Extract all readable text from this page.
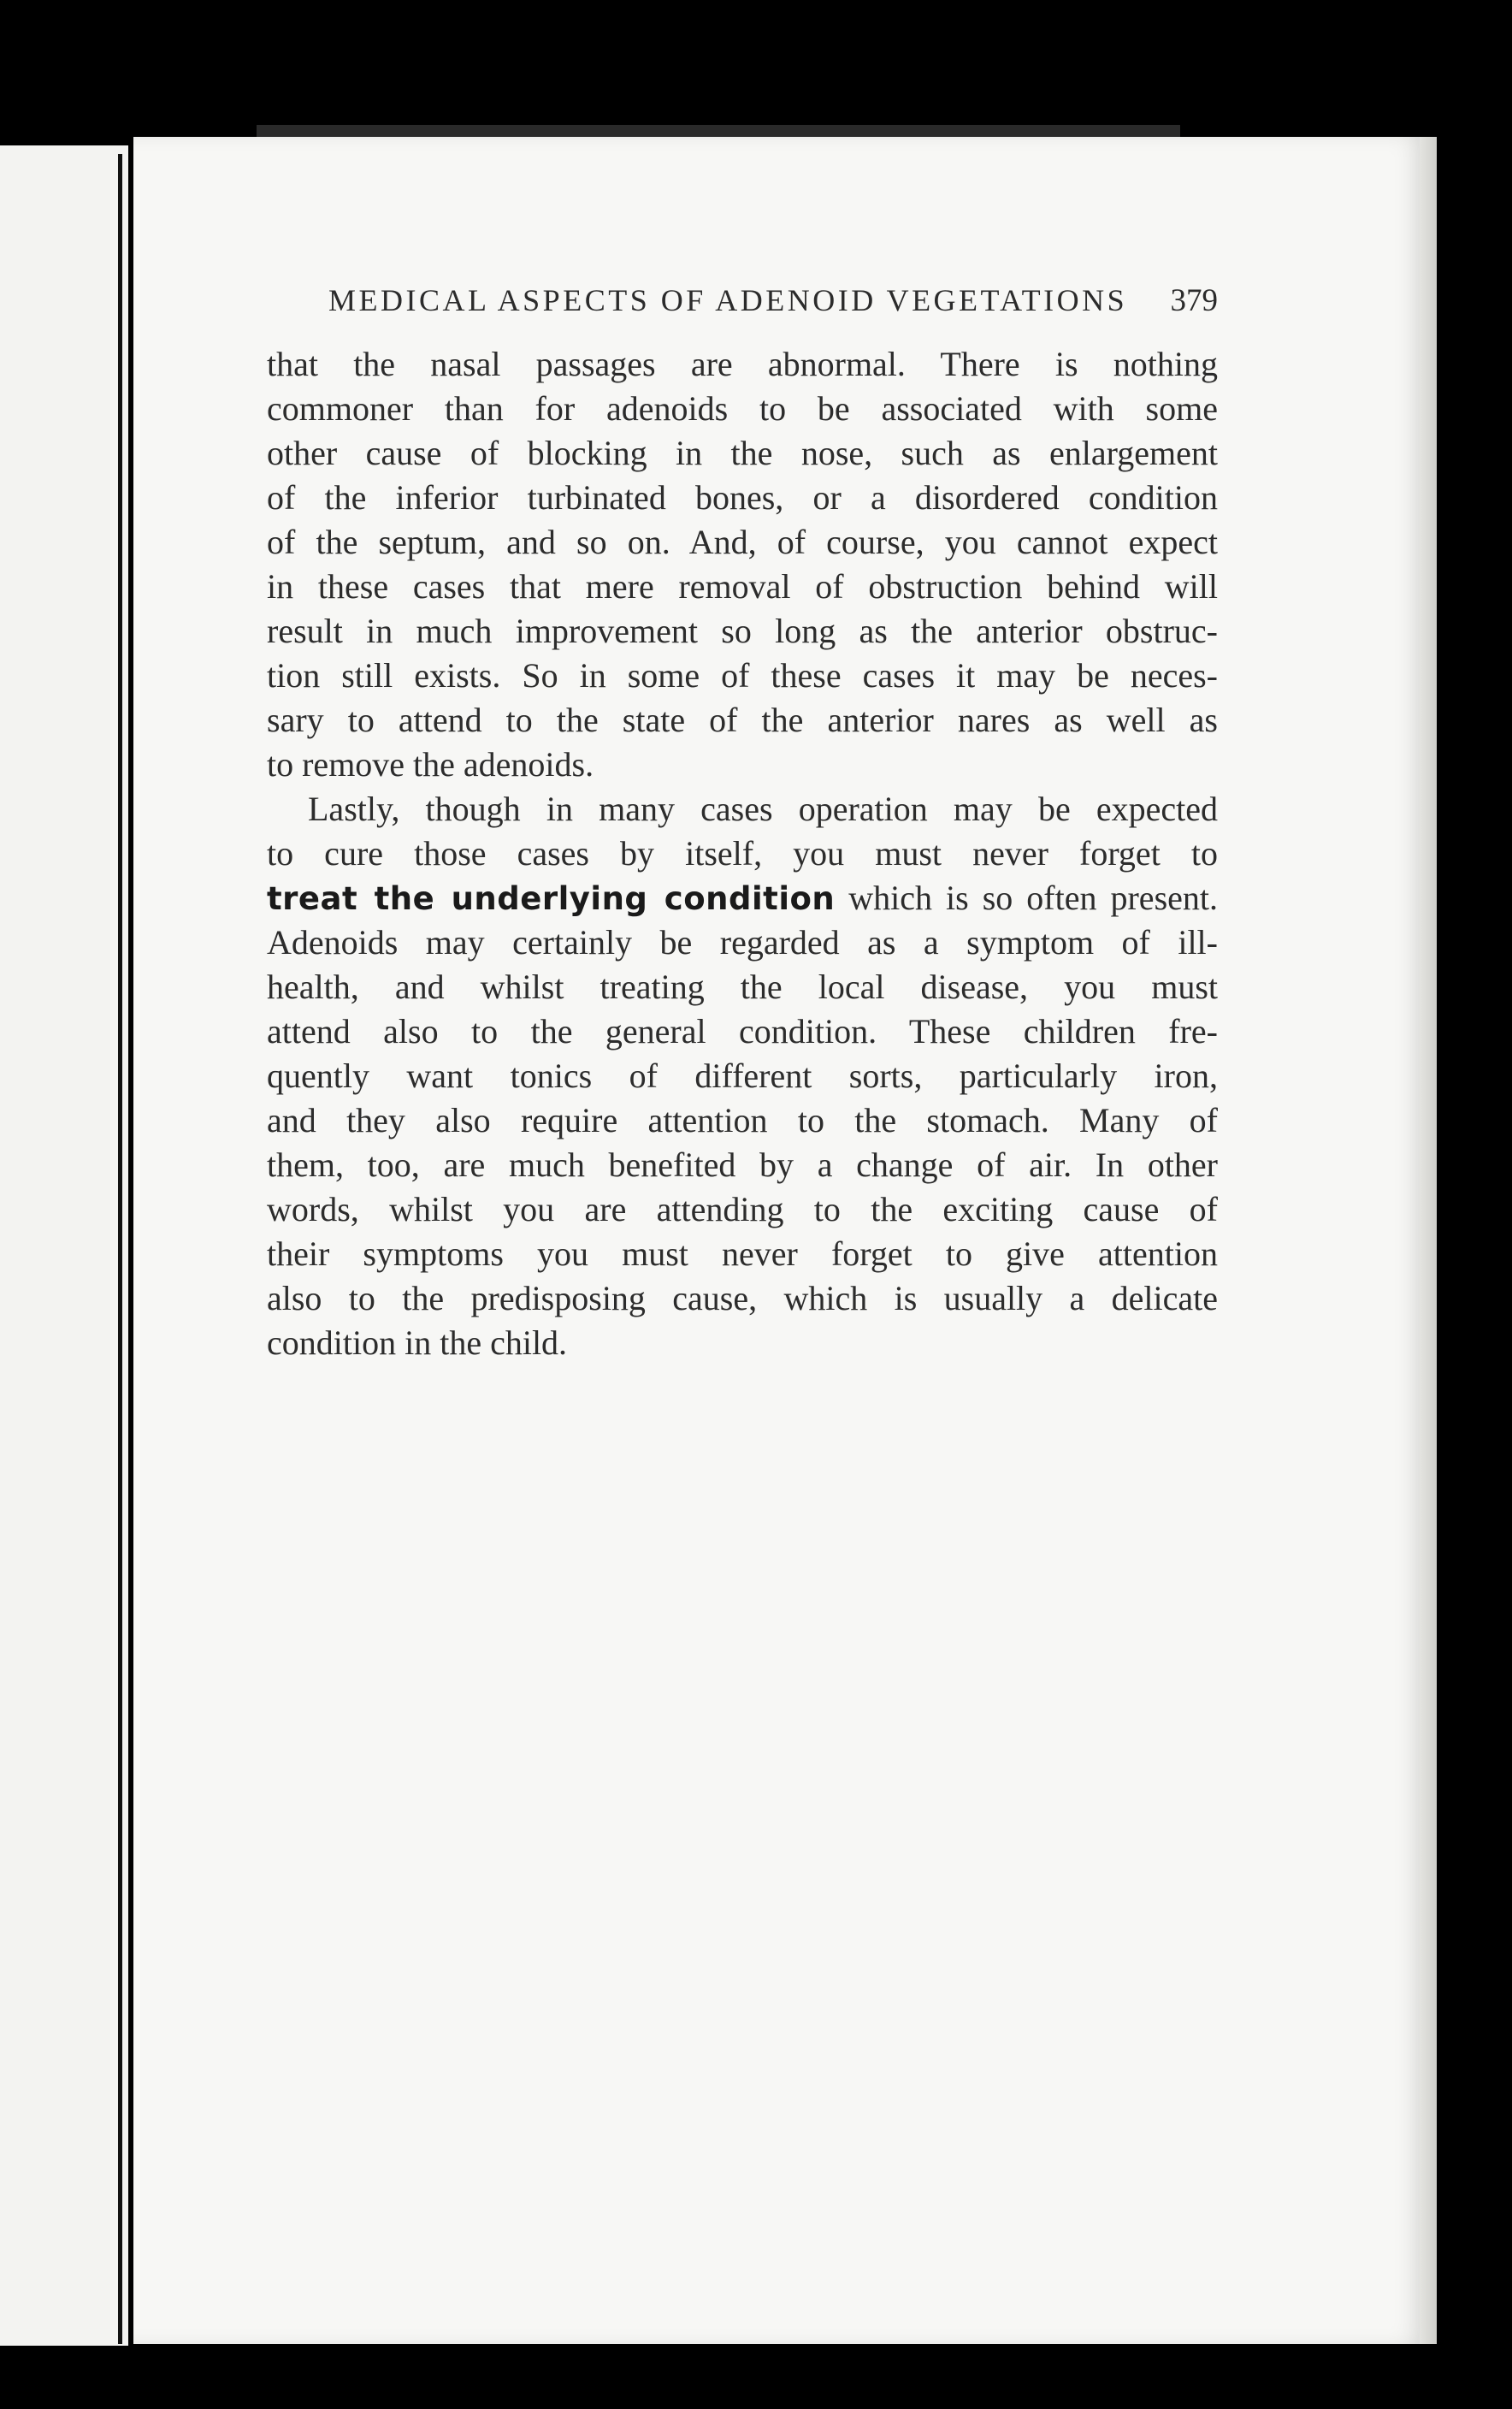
MEDICAL ASPECTS OF ADENOID VEGETATIONS 379
that the nasal passages are abnormal. There is nothing
commoner than for adenoids to be associated with some
other cause of blocking in the nose, such as enlargement
of the inferior turbinated bones, or a disordered condition
of the septum, and so on. And, of course, you cannot expect
in these cases that mere removal of obstruction behind will
result in much improvement so long as the anterior obstruc-
tion still exists. So in some of these cases it may be neces-
sary to attend to the state of the anterior nares as well as
to remove the adenoids.
Lastly, though in many cases operation may be expected
to cure those cases by itself, you must never forget to
treat the underlying condition which is so often present.
Adenoids may certainly be regarded as a symptom of ill-
health, and whilst treating the local disease, you must
attend also to the general condition. These children fre-
quently want tonics of different sorts, particularly iron,
and they also require attention to the stomach. Many of
them, too, are much benefited by a change of air. In other
words, whilst you are attending to the exciting cause of
their symptoms you must never forget to give attention
also to the predisposing cause, which is usually a delicate
condition in the child.
